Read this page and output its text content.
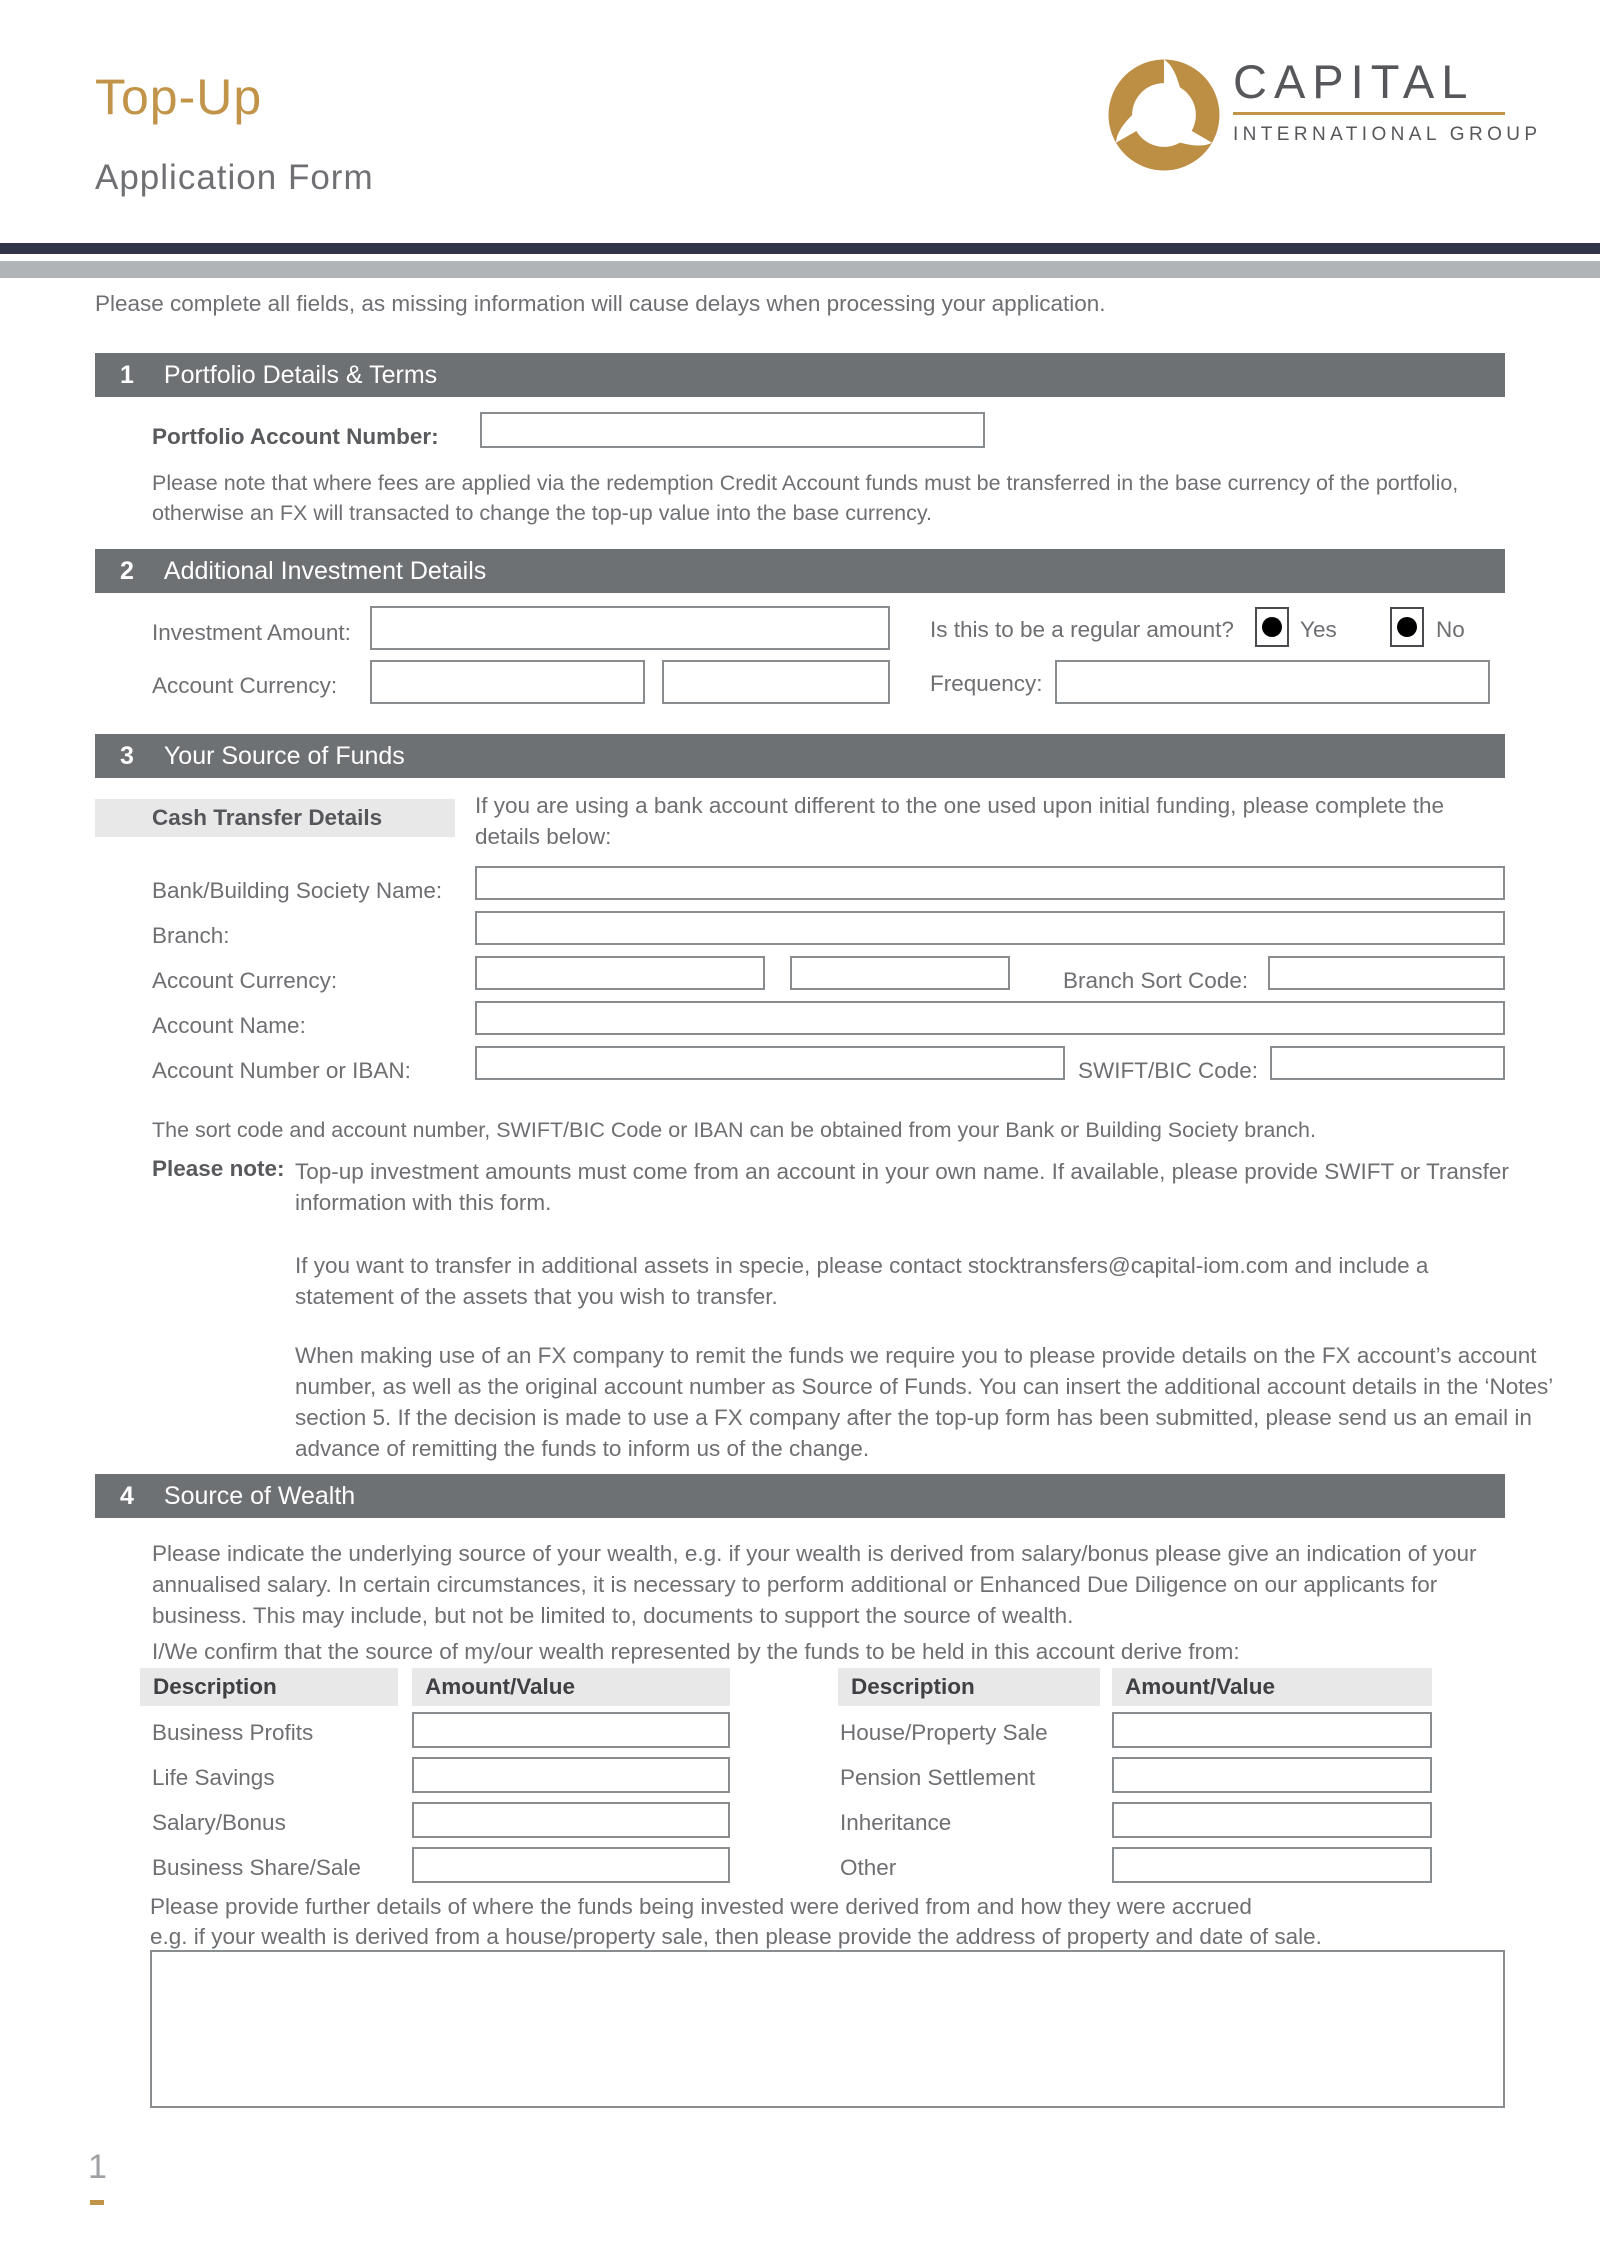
Top-Up
Application Form
CAPITAL
INTERNATIONAL GROUP
Please complete all fields, as missing information will cause delays when processing your application.
1 Portfolio Details & Terms
Portfolio Account Number:
Please note that where fees are applied via the redemption Credit Account funds must be transferred in the base currency of the portfolio, otherwise an FX will transacted to change the top-up value into the base currency.
2 Additional Investment Details
Investment Amount:	Is this to be a regular amount?	Yes	No
Account Currency:	Frequency:
3 Your Source of Funds
Cash Transfer Details	If you are using a bank account different to the one used upon initial funding, please complete the details below:
Bank/Building Society Name:
Branch:
Account Currency:	Branch Sort Code:
Account Name:
Account Number or IBAN:	SWIFT/BIC Code:
The sort code and account number, SWIFT/BIC Code or IBAN can be obtained from your Bank or Building Society branch.
Please note: Top-up investment amounts must come from an account in your own name. If available, please provide SWIFT or Transfer information with this form.
If you want to transfer in additional assets in specie, please contact stocktransfers@capital-iom.com and include a statement of the assets that you wish to transfer.
When making use of an FX company to remit the funds we require you to please provide details on the FX account’s account number, as well as the original account number as Source of Funds. You can insert the additional account details in the ‘Notes’ section 5. If the decision is made to use a FX company after the top-up form has been submitted, please send us an email in advance of remitting the funds to inform us of the change.
4 Source of Wealth
Please indicate the underlying source of your wealth, e.g. if your wealth is derived from salary/bonus please give an indication of your annualised salary. In certain circumstances, it is necessary to perform additional or Enhanced Due Diligence on our applicants for business. This may include, but not be limited to, documents to support the source of wealth.
I/We confirm that the source of my/our wealth represented by the funds to be held in this account derive from:
Description	Amount/Value	Description	Amount/Value
Business Profits	House/Property Sale
Life Savings	Pension Settlement
Salary/Bonus	Inheritance
Business Share/Sale	Other
Please provide further details of where the funds being invested were derived from and how they were accrued
e.g. if your wealth is derived from a house/property sale, then please provide the address of property and date of sale.
1
